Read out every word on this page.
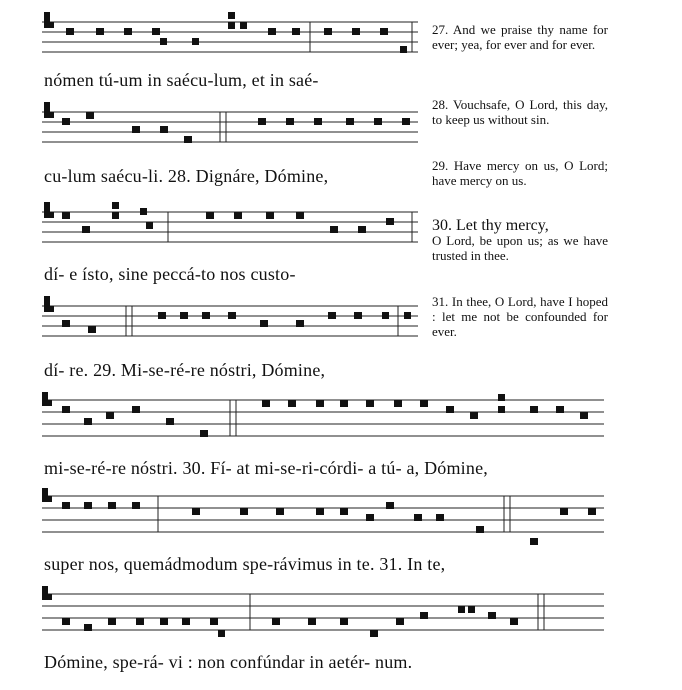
nómen tú-um in saécu-lum, et in saé-
cu-lum saécu-li. 28. Dignáre, Dómine,
dí- e ísto, sine peccá-to nos custo-
dí- re. 29. Mi-se-ré-re nóstri, Dómine,
mi-se-ré-re nóstri. 30. Fí- at mi-se-ri-córdi- a tú- a, Dómine,
super nos, quemádmodum spe-rávimus in te. 31. In te,
Dómine, spe-rá- vi : non confúndar in aetér- num.
27. And we praise thy name for ever; yea, for ever and for ever.
28. Vouchsafe, O Lord, this day, to keep us without sin.
29. Have mercy on us, O Lord; have mercy on us.
30. Let thy mercy,
O Lord, be upon us; as we have trusted in thee.
31. In thee, O Lord, have I hoped : let me not be confounded for ever.
